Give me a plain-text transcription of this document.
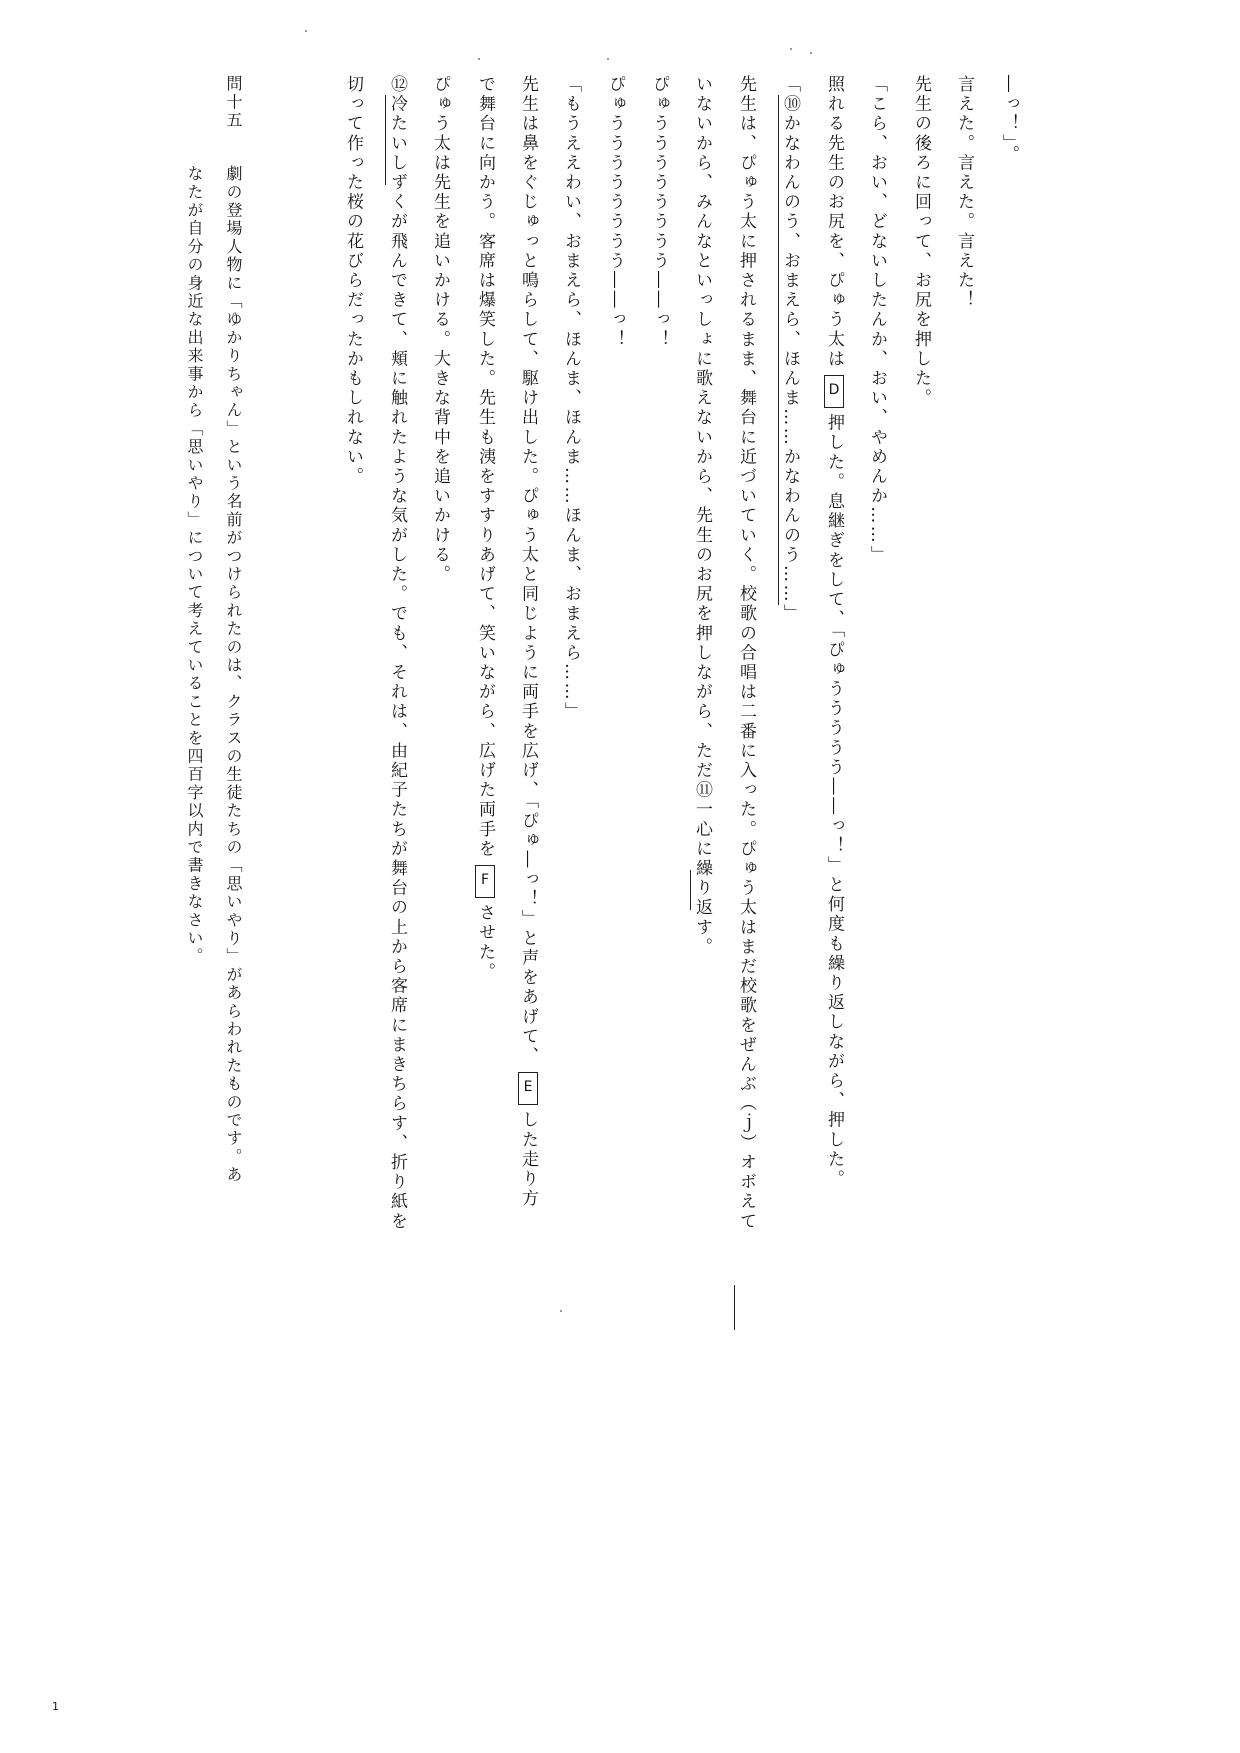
―っ！」。

言えた。言えた。言えた！

先生の後ろに回って、お尻を押した。

「こら、おい、どないしたんか、おい、やめんか……」

照れる先生のお尻を、ぴゅう太はD押した。息継ぎをして、「ぴゅううううう――っ！」と何度も繰り返しながら、押した。

「⑩かなわんのう、おまえら、ほんま……かなわんのう……」

先生は、ぴゅう太に押されるまま、舞台に近づいていく。校歌の合唱は二番に入った。ぴゅう太はまだ校歌をぜんぶ（ｊ）オボえて

いないから、みんなといっしょに歌えないから、先生のお尻を押しながら、ただ⑪一心に繰り返す。

ぴゅうううううううう――っ！

ぴゅうううううううう――っ！

「もうええわい、おまえら、ほんま、ほんま……ほんま、おまえら……」

先生は鼻をぐじゅっと鳴らして、駆け出した。ぴゅう太と同じように両手を広げ、「ぴゅ―っ！」と声をあげて、Eした走り方

で舞台に向かう。客席は爆笑した。先生も洟をすすりあげて、笑いながら、広げた両手をFさせた。

ぴゅう太は先生を追いかける。大きな背中を追いかける。

⑫冷たいしずくが飛んできて、頬に触れたような気がした。でも、それは、由紀子たちが舞台の上から客席にまきちらす、折り紙を

切って作った桜の花びらだったかもしれない。

問十五

劇の登場人物に「ゆかりちゃん」という名前がつけられたのは、クラスの生徒たちの「思いやり」があらわれたものです。あ

なたが自分の身近な出来事から「思いやり」について考えていることを四百字以内で書きなさい。

1
